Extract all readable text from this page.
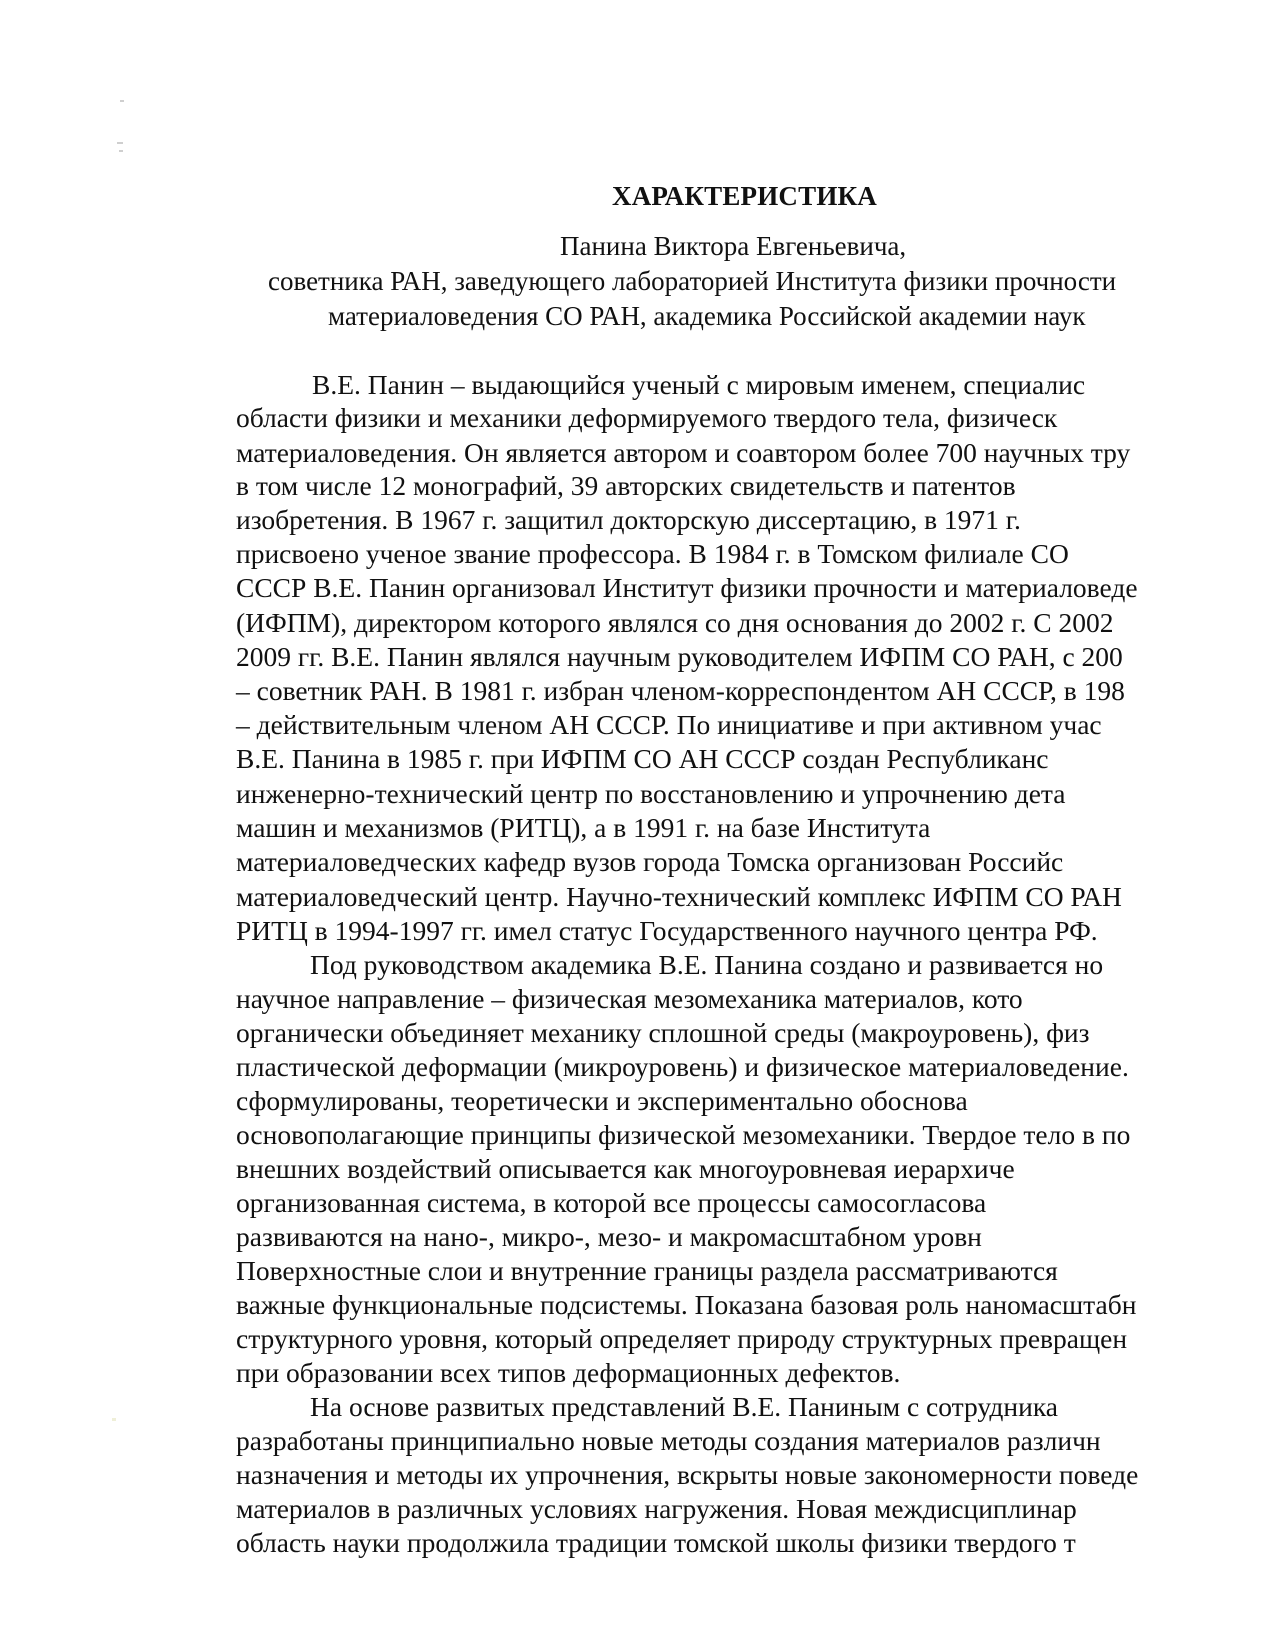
ХАРАКТЕРИСТИКА
Панина Виктора Евгеньевича,
советника РАН, заведующего лабораторией Института физики прочности
материаловедения СО РАН, академика Российской академии наук
В.Е. Панин – выдающийся ученый с мировым именем, специалис
области физики и механики деформируемого твердого тела, физическ
материаловедения. Он является автором и соавтором более 700 научных тру
в том числе 12 монографий, 39 авторских свидетельств и патентов
изобретения. В 1967 г. защитил докторскую диссертацию, в 1971 г.
присвоено ученое звание профессора. В 1984 г. в Томском филиале СО
СССР В.Е. Панин организовал Институт физики прочности и материаловеде
(ИФПМ), директором которого являлся со дня основания до 2002 г. С 2002
2009 гг. В.Е. Панин являлся научным руководителем ИФПМ СО РАН, с 200
– советник РАН. В 1981 г. избран членом-корреспондентом АН СССР, в 198
– действительным членом АН СССР. По инициативе и при активном учас
В.Е. Панина в 1985 г. при ИФПМ СО АН СССР создан Республиканс
инженерно-технический центр по восстановлению и упрочнению дета
машин и механизмов (РИТЦ), а в 1991 г. на базе Института
материаловедческих кафедр вузов города Томска организован Российс
материаловедческий центр. Научно-технический комплекс ИФПМ СО РАН
РИТЦ в 1994-1997 гг. имел статус Государственного научного центра РФ.
Под руководством академика В.Е. Панина создано и развивается но
научное направление – физическая мезомеханика материалов, кото
органически объединяет механику сплошной среды (макроуровень), физ
пластической деформации (микроуровень) и физическое материаловедение.
сформулированы, теоретически и экспериментально обоснова
основополагающие принципы физической мезомеханики. Твердое тело в по
внешних воздействий описывается как многоуровневая иерархиче
организованная система, в которой все процессы самосогласова
развиваются на нано-, микро-, мезо- и макромасштабном уровн
Поверхностные слои и внутренние границы раздела рассматриваются
важные функциональные подсистемы. Показана базовая роль наномасштабн
структурного уровня, который определяет природу структурных превращен
при образовании всех типов деформационных дефектов.
На основе развитых представлений В.Е. Паниным с сотрудника
разработаны принципиально новые методы создания материалов различн
назначения и методы их упрочнения, вскрыты новые закономерности поведе
материалов в различных условиях нагружения. Новая междисциплинар
область науки продолжила традиции томской школы физики твердого т
